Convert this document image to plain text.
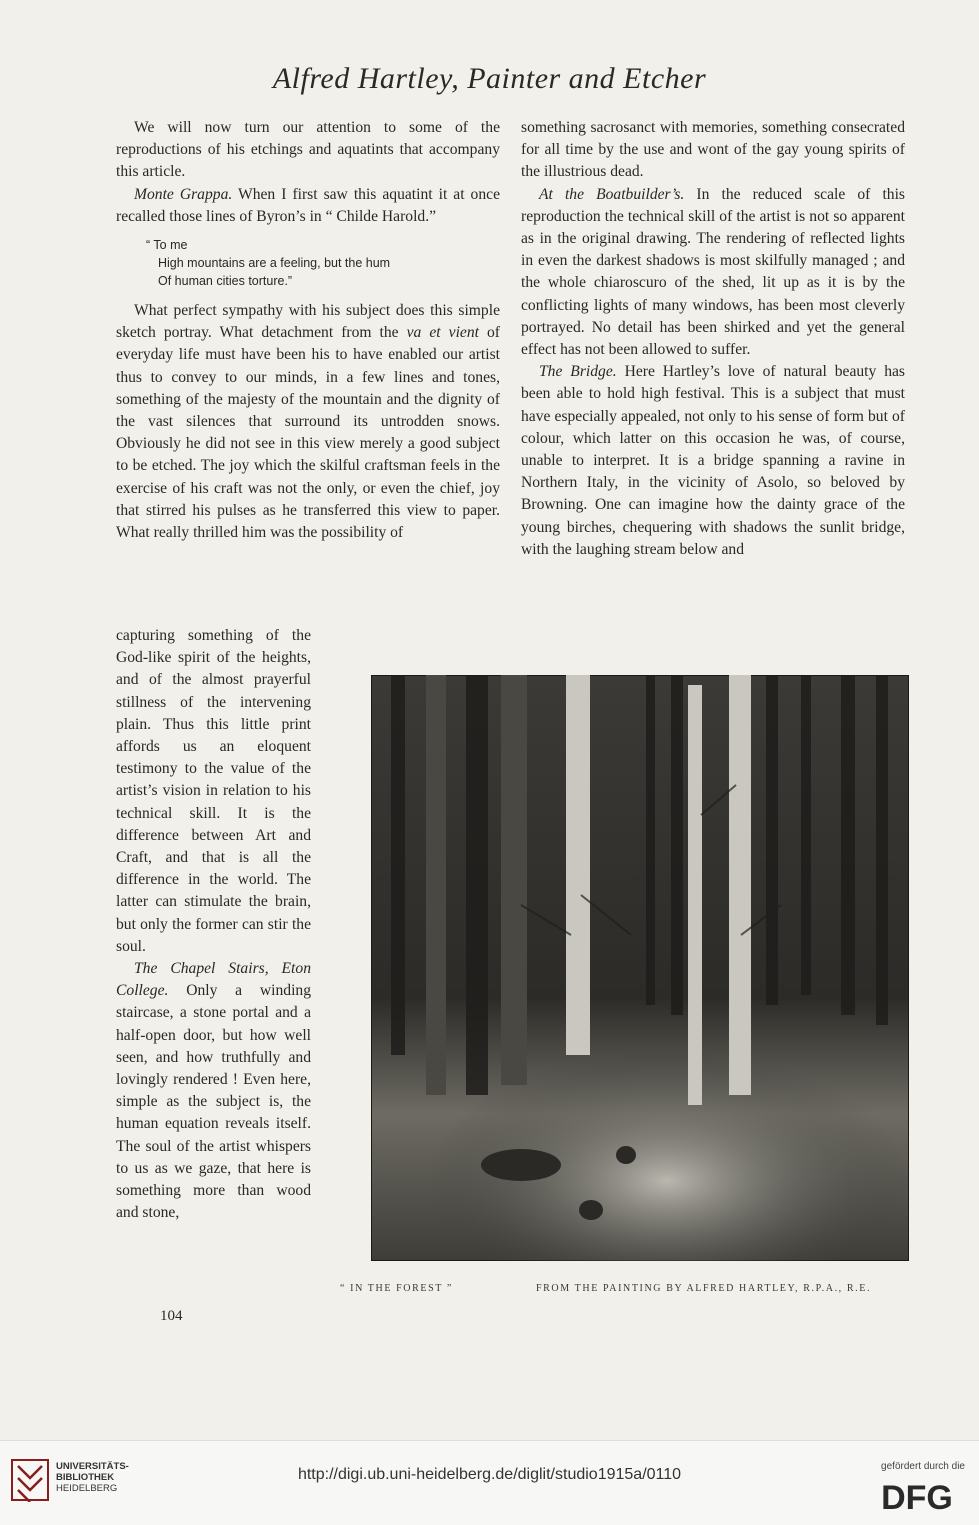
Alfred Hartley, Painter and Etcher

We will now turn our attention to some of the reproductions of his etchings and aquatints that accompany this article.

Monte Grappa. When I first saw this aquatint it at once recalled those lines of Byron’s in “ Childe Harold.”

“ To me
High mountains are a feeling, but the hum
Of human cities torture.”

What perfect sympathy with his subject does this simple sketch portray. What detachment from the va et vient of everyday life must have been his to have enabled our artist thus to convey to our minds, in a few lines and tones, something of the majesty of the mountain and the dignity of the vast silences that surround its untrodden snows. Obviously he did not see in this view merely a good subject to be etched. The joy which the skilful craftsman feels in the exercise of his craft was not the only, or even the chief, joy that stirred his pulses as he transferred this view to paper. What really thrilled him was the possibility of

capturing something of the God-like spirit of the heights, and of the almost prayerful stillness of the intervening plain. Thus this little print affords us an eloquent testimony to the value of the artist’s vision in relation to his technical skill. It is the difference between Art and Craft, and that is all the difference in the world. The latter can stimulate the brain, but only the former can stir the soul.

The Chapel Stairs, Eton College. Only a winding staircase, a stone portal and a half-open door, but how well seen, and how truthfully and lovingly rendered ! Even here, simple as the subject is, the human equation reveals itself. The soul of the artist whispers to us as we gaze, that here is something more than wood and stone,

something sacrosanct with memories, something consecrated for all time by the use and wont of the gay young spirits of the illustrious dead.

At the Boatbuilder’s. In the reduced scale of this reproduction the technical skill of the artist is not so apparent as in the original drawing. The rendering of reflected lights in even the darkest shadows is most skilfully managed ; and the whole chiaroscuro of the shed, lit up as it is by the conflicting lights of many windows, has been most cleverly portrayed. No detail has been shirked and yet the general effect has not been allowed to suffer.

The Bridge. Here Hartley’s love of natural beauty has been able to hold high festival. This is a subject that must have especially appealed, not only to his sense of form but of colour, which latter on this occasion he was, of course, unable to interpret. It is a bridge spanning a ravine in Northern Italy, in the vicinity of Asolo, so beloved by Browning. One can imagine how the dainty grace of the young birches, chequering with shadows the sunlit bridge, with the laughing stream below and

“ IN THE FOREST ”	FROM THE PAINTING BY ALFRED HARTLEY, R.P.A., R.E.
104
UNIVERSITÄTS-
BIBLIOTHEK
HEIDELBERG
http://digi.ub.uni-heidelberg.de/diglit/studio1915a/0110	gefördert durch die
DFG
